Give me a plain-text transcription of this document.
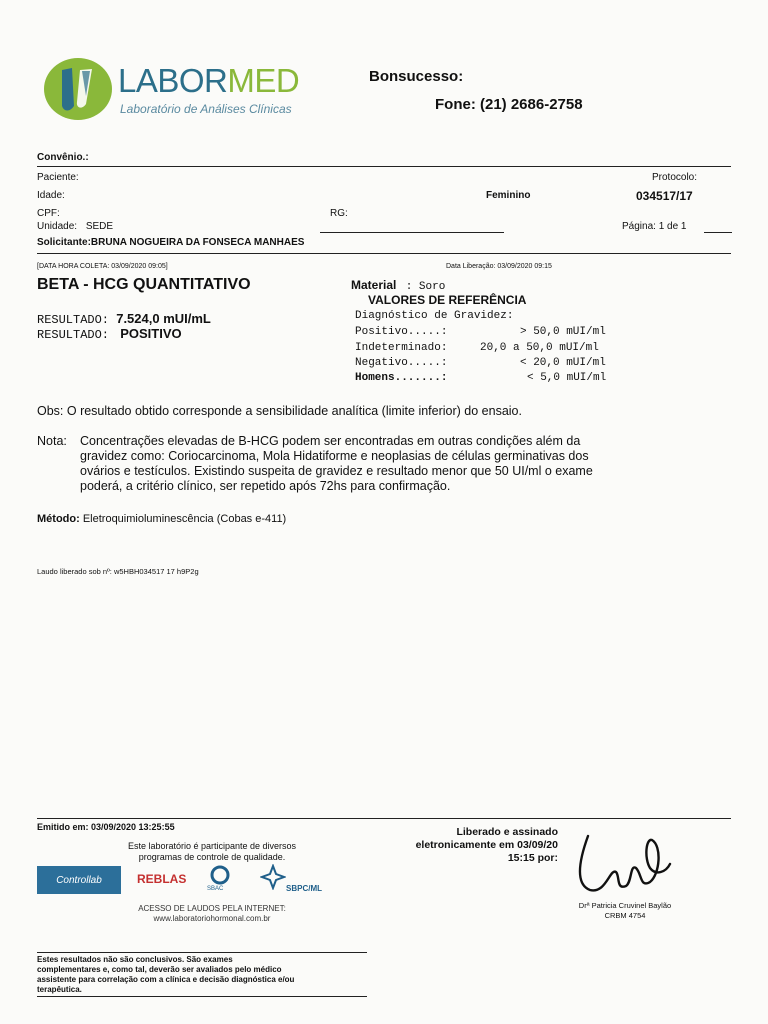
LABORMED
Laboratório de Análises Clínicas
Bonsucesso:
Fone: (21) 2686-2758
Convênio.:
Paciente:	Protocolo:
Idade:	Feminino	034517/17
CPF:	RG:
Unidade: SEDE	Página: 1 de 1
Solicitante:BRUNA NOGUEIRA DA FONSECA MANHAES
[DATA HORA COLETA: 03/09/2020 09:05]	Data Liberação: 03/09/2020 09:15
BETA - HCG QUANTITATIVO
RESULTADO: 7.524,0 mUI/mL
RESULTADO: POSITIVO
Material : Soro
VALORES DE REFERÊNCIA
Diagnóstico de Gravidez:
Positivo.....:	> 50,0 mUI/ml
Indeterminado:	20,0 a 50,0 mUI/ml
Negativo.....:	< 20,0 mUI/ml
Homens.......:	< 5,0 mUI/ml
Obs: O resultado obtido corresponde a sensibilidade analítica (limite inferior) do ensaio.
Nota: Concentrações elevadas de B-HCG podem ser encontradas em outras condições além da
gravidez como: Coriocarcinoma, Mola Hidatiforme e neoplasias de células germinativas dos
ovários e testículos. Existindo suspeita de gravidez e resultado menor que 50 UI/ml o exame
poderá, a critério clínico, ser repetido após 72hs para confirmação.
Método: Eletroquimioluminescência (Cobas e-411)
Laudo liberado sob nº: w5HBH034517 17 h9P2g
Emitido em: 03/09/2020 13:25:55
Este laboratório é participante de diversos
programas de controle de qualidade.
Controllab	REBLAS
SBAC	SBPC/ML
ACESSO DE LAUDOS PELA INTERNET:
www.laboratoriohormonal.com.br
Liberado e assinado
eletronicamente em 03/09/20
15:15 por:
Drª Patricia Cruvinel Baylão
CRBM 4754
Estes resultados não são conclusivos. São exames
complementares e, como tal, deverão ser avaliados pelo médico
assistente para correlação com a clínica e decisão diagnóstica e/ou
terapêutica.
